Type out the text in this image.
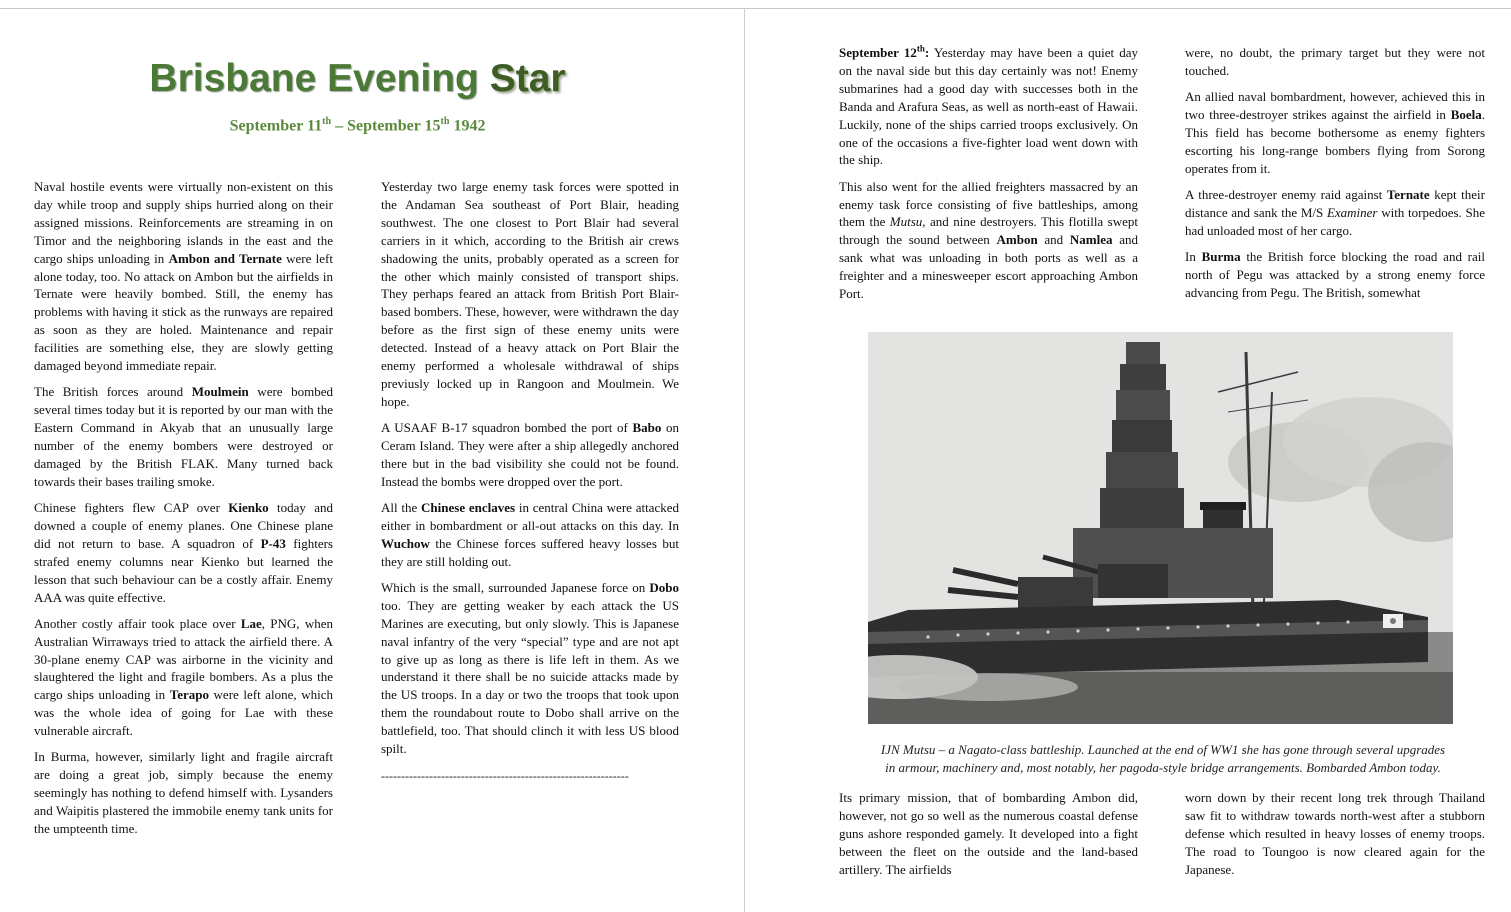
Brisbane Evening Star
September 11th – September 15th 1942

Naval hostile events were virtually non-existent on this day while troop and supply ships hurried along on their assigned missions. Reinforcements are streaming in on Timor and the neighboring islands in the east and the cargo ships unloading in Ambon and Ternate were left alone today, too. No attack on Ambon but the airfields in Ternate were heavily bombed. Still, the enemy has problems with having it stick as the runways are repaired as soon as they are holed. Maintenance and repair facilities are something else, they are slowly getting damaged beyond immediate repair.

The British forces around Moulmein were bombed several times today but it is reported by our man with the Eastern Command in Akyab that an unusually large number of the enemy bombers were destroyed or damaged by the British FLAK. Many turned back towards their bases trailing smoke.

Chinese fighters flew CAP over Kienko today and downed a couple of enemy planes. One Chinese plane did not return to base. A squadron of P-43 fighters strafed enemy columns near Kienko but learned the lesson that such behaviour can be a costly affair. Enemy AAA was quite effective.

Another costly affair took place over Lae, PNG, when Australian Wirraways tried to attack the airfield there. A 30-plane enemy CAP was airborne in the vicinity and slaughtered the light and fragile bombers. As a plus the cargo ships unloading in Terapo were left alone, which was the whole idea of going for Lae with these vulnerable aircraft.

In Burma, however, similarly light and fragile aircraft are doing a great job, simply because the enemy seemingly has nothing to defend himself with. Lysanders and Waipitis plastered the immobile enemy tank units for the umpteenth time.

Yesterday two large enemy task forces were spotted in the Andaman Sea southeast of Port Blair, heading southwest. The one closest to Port Blair had several carriers in it which, according to the British air crews shadowing the units, probably operated as a screen for the other which mainly consisted of transport ships. They perhaps feared an attack from British Port Blair-based bombers. These, however, were withdrawn the day before as the first sign of these enemy units were detected. Instead of a heavy attack on Port Blair the enemy performed a wholesale withdrawal of ships previusly locked up in Rangoon and Moulmein. We hope.

A USAAF B-17 squadron bombed the port of Babo on Ceram Island. They were after a ship allegedly anchored there but in the bad visibility she could not be found. Instead the bombs were dropped over the port.

All the Chinese enclaves in central China were attacked either in bombardment or all-out attacks on this day. In Wuchow the Chinese forces suffered heavy losses but they are still holding out.

Which is the small, surrounded Japanese force on Dobo too. They are getting weaker by each attack the US Marines are executing, but only slowly. This is Japanese naval infantry of the very “special” type and are not apt to give up as long as there is life left in them. As we understand it there shall be no suicide attacks made by the US troops. In a day or two the troops that took upon them the roundabout route to Dobo shall arrive on the battlefield, too. That should clinch it with less US blood spilt.

--------------------------------------------------------------

September 12th: Yesterday may have been a quiet day on the naval side but this day certainly was not! Enemy submarines had a good day with successes both in the Banda and Arafura Seas, as well as north-east of Hawaii. Luckily, none of the ships carried troops exclusively. On one of the occasions a five-fighter load went down with the ship.

This also went for the allied freighters massacred by an enemy task force consisting of five battleships, among them the Mutsu, and nine destroyers. This flotilla swept through the sound between Ambon and Namlea and sank what was unloading in both ports as well as a freighter and a minesweeper escort approaching Ambon Port.

were, no doubt, the primary target but they were not touched.

An allied naval bombardment, however, achieved this in two three-destroyer strikes against the airfield in Boela. This field has become bothersome as enemy fighters escorting his long-range bombers flying from Sorong operates from it.

A three-destroyer enemy raid against Ternate kept their distance and sank the M/S Examiner with torpedoes. She had unloaded most of her cargo.

In Burma the British force blocking the road and rail north of Pegu was attacked by a strong enemy force advancing from Pegu. The British, somewhat

IJN Mutsu – a Nagato-class battleship. Launched at the end of WW1 she has gone through several upgrades
in armour, machinery and, most notably, her pagoda-style bridge arrangements. Bombarded Ambon today.

Its primary mission, that of bombarding Ambon did, however, not go so well as the numerous coastal defense guns ashore responded gamely. It developed into a fight between the fleet on the outside and the land-based artillery. The airfields

worn down by their recent long trek through Thailand saw fit to withdraw towards north-west after a stubborn defense which resulted in heavy losses of enemy troops. The road to Toungoo is now cleared again for the Japanese.
